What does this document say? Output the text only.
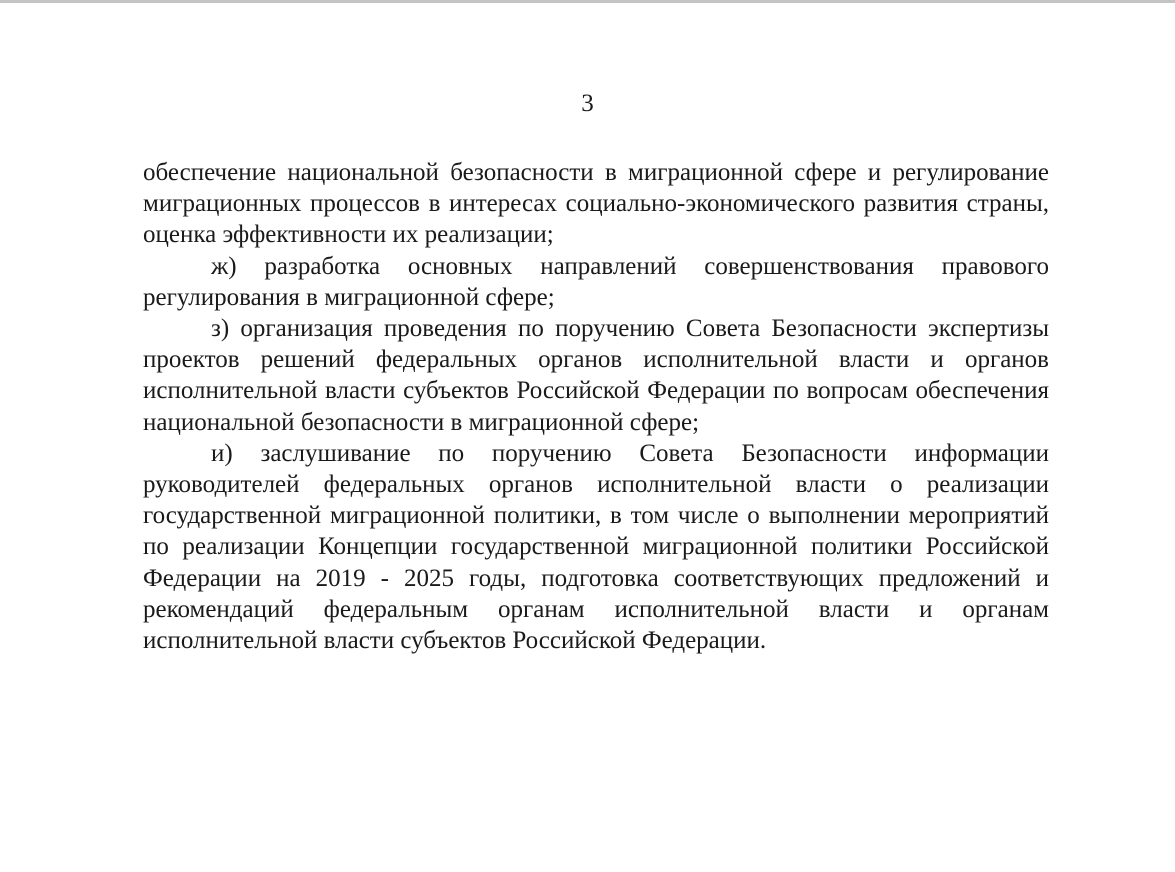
3

обеспечение национальной безопасности в миграционной сфере и регулирование миграционных процессов в интересах социально-экономического развития страны, оценка эффективности их реализации;

ж) разработка основных направлений совершенствования правового регулирования в миграционной сфере;

з) организация проведения по поручению Совета Безопасности экспертизы проектов решений федеральных органов исполнительной власти и органов исполнительной власти субъектов Российской Федерации по вопросам обеспечения национальной безопасности в миграционной сфере;

и) заслушивание по поручению Совета Безопасности информации руководителей федеральных органов исполнительной власти о реализации государственной миграционной политики, в том числе о выполнении мероприятий по реализации Концепции государственной миграционной политики Российской Федерации на 2019 - 2025 годы, подготовка соответствующих предложений и рекомендаций федеральным органам исполнительной власти и органам исполнительной власти субъектов Российской Федерации.
